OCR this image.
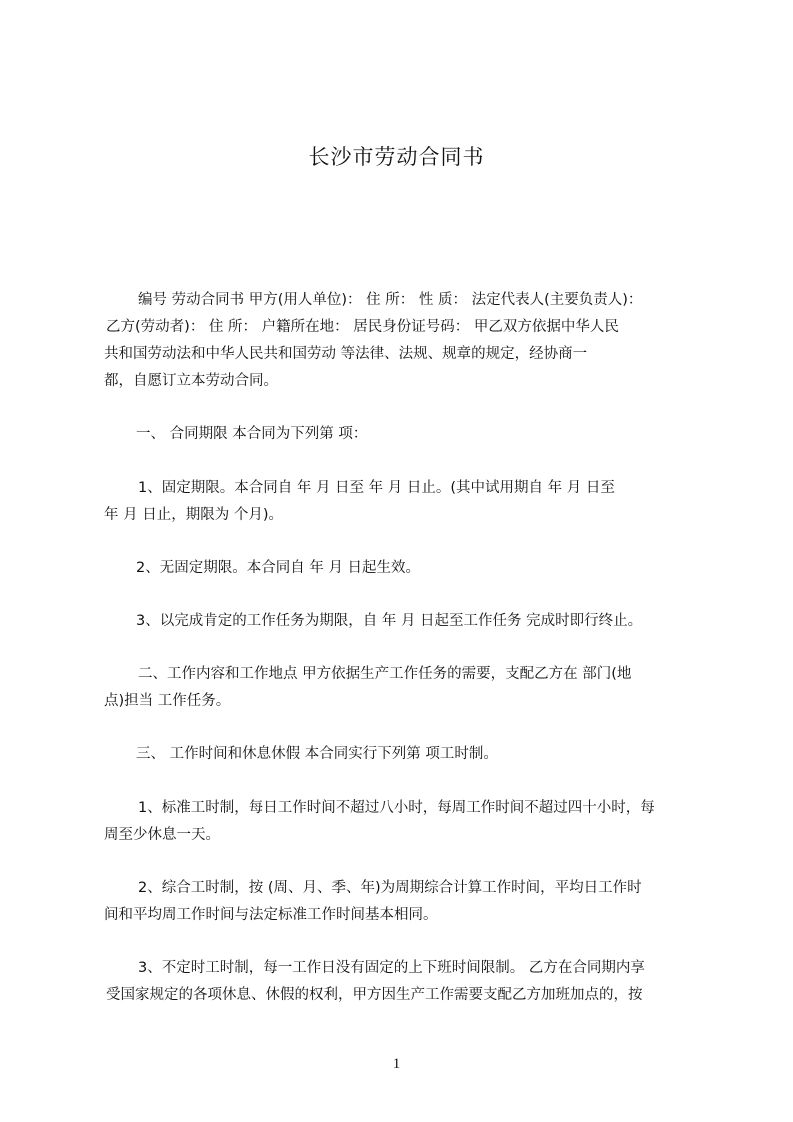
长沙市劳动合同书
编号 劳动合同书 甲方(用人单位)： 住 所： 性 质： 法定代表人(主要负责人)：
乙方(劳动者)： 住 所： 户籍所在地： 居民身份证号码： 甲乙双方依据中华人民
共和国劳动法和中华人民共和国劳动 等法律、法规、规章的规定，经协商一
都，自愿订立本劳动合同。
一、 合同期限 本合同为下列第 项：
1、固定期限。本合同自 年 月 日至 年 月 日止。(其中试用期自 年 月 日至
年 月 日止，期限为 个月)。
2、无固定期限。本合同自 年 月 日起生效。
3、以完成肯定的工作任务为期限，自 年 月 日起至工作任务 完成时即行终止。
二、工作内容和工作地点 甲方依据生产工作任务的需要，支配乙方在 部门(地
点)担当 工作任务。
三、 工作时间和休息休假 本合同实行下列第 项工时制。
1、标准工时制，每日工作时间不超过八小时，每周工作时间不超过四十小时，每
周至少休息一天。
2、综合工时制，按 (周、月、季、年)为周期综合计算工作时间，平均日工作时
间和平均周工作时间与法定标准工作时间基本相同。
3、不定时工时制，每一工作日没有固定的上下班时间限制。 乙方在合同期内享
受国家规定的各项休息、休假的权利，甲方因生产工作需要支配乙方加班加点的，按
1
